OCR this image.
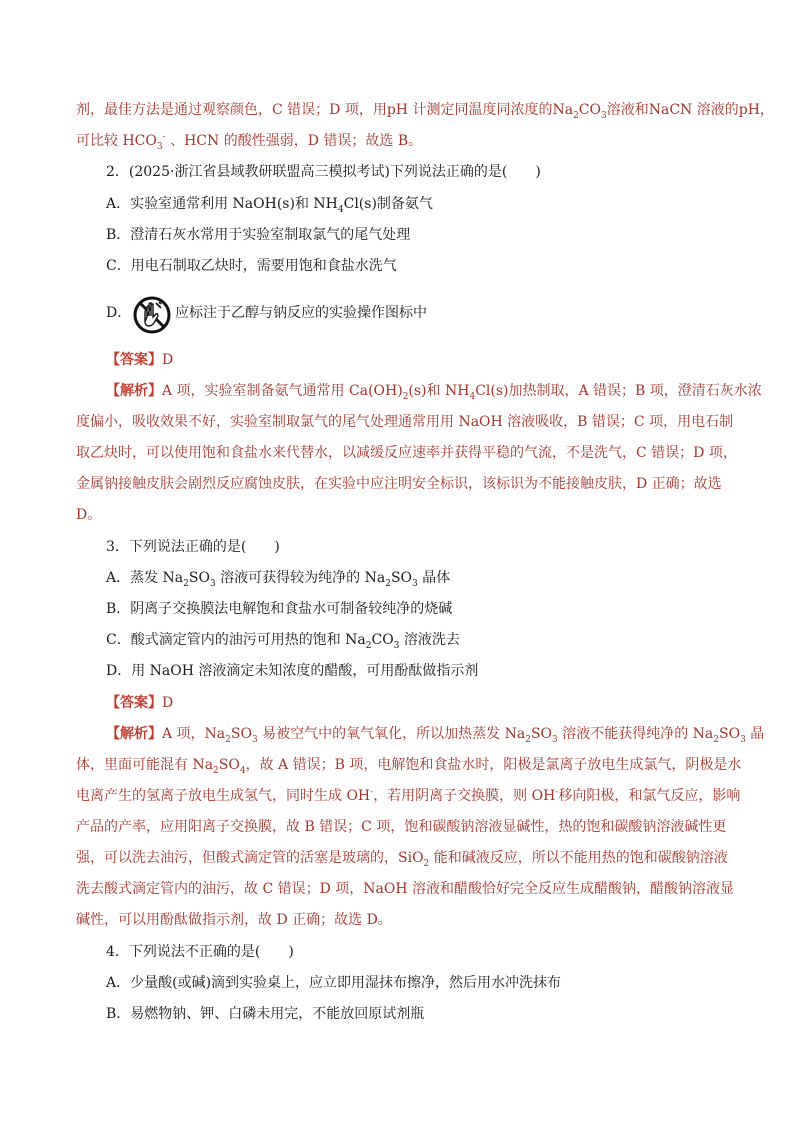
剂，最佳方法是通过观察颜色，C 错误；D 项，用pH 计测定同温度同浓度的$Na_2CO_3$溶液和NaCN 溶液的pH，
可比较 $HCO_3^-$ 、HCN 的酸性强弱，D 错误；故选 B。
2．(2025·浙江省县域教研联盟高三模拟考试)下列说法正确的是(　　)
A．实验室通常利用 NaOH(s)和 $NH_4Cl(s)$制备氨气
B．澄清石灰水常用于实验室制取氯气的尾气处理
C．用电石制取乙炔时，需要用饱和食盐水洗气
D．	应标注于乙醇与钠反应的实验操作图标中
【答案】D
【解析】A 项，实验室制备氨气通常用 $Ca(OH)_2(s)$和 $NH_4Cl(s)$加热制取，A 错误；B 项，澄清石灰水浓
度偏小，吸收效果不好，实验室制取氯气的尾气处理通常用用 NaOH 溶液吸收，B 错误；C 项，用电石制
取乙炔时，可以使用饱和食盐水来代替水，以减缓反应速率并获得平稳的气流，不是洗气，C 错误；D 项，
金属钠接触皮肤会剧烈反应腐蚀皮肤，在实验中应注明安全标识，该标识为不能接触皮肤，D 正确；故选
D。
3．下列说法正确的是(　　)
A．蒸发 $Na_2SO_3$ 溶液可获得较为纯净的 $Na_2SO_3$ 晶体
B．阴离子交换膜法电解饱和食盐水可制备较纯净的烧碱
C．酸式滴定管内的油污可用热的饱和 $Na_2CO_3$ 溶液洗去
D．用 NaOH 溶液滴定未知浓度的醋酸，可用酚酞做指示剂
【答案】D
【解析】A 项，$Na_2SO_3$ 易被空气中的氧气氧化，所以加热蒸发 $Na_2SO_3$ 溶液不能获得纯净的 $Na_2SO_3$ 晶
体，里面可能混有 $Na_2SO_4$，故 A 错误；B 项，电解饱和食盐水时，阳极是氯离子放电生成氯气，阴极是水
电离产生的氢离子放电生成氢气，同时生成 OH-，若用阴离子交换膜，则 OH-移向阳极，和氯气反应，影响
产品的产率，应用阳离子交换膜，故 B 错误；C 项，饱和碳酸钠溶液显碱性，热的饱和碳酸钠溶液碱性更
强，可以洗去油污，但酸式滴定管的活塞是玻璃的，SiO$_2$ 能和碱液反应，所以不能用热的饱和碳酸钠溶液
洗去酸式滴定管内的油污，故 C 错误；D 项，NaOH 溶液和醋酸恰好完全反应生成醋酸钠，醋酸钠溶液显
碱性，可以用酚酞做指示剂，故 D 正确；故选 D。
4．下列说法不正确的是(　　)
A．少量酸(或碱)滴到实验桌上，应立即用湿抹布擦净，然后用水冲洗抹布
B．易燃物钠、钾、白磷未用完，不能放回原试剂瓶
